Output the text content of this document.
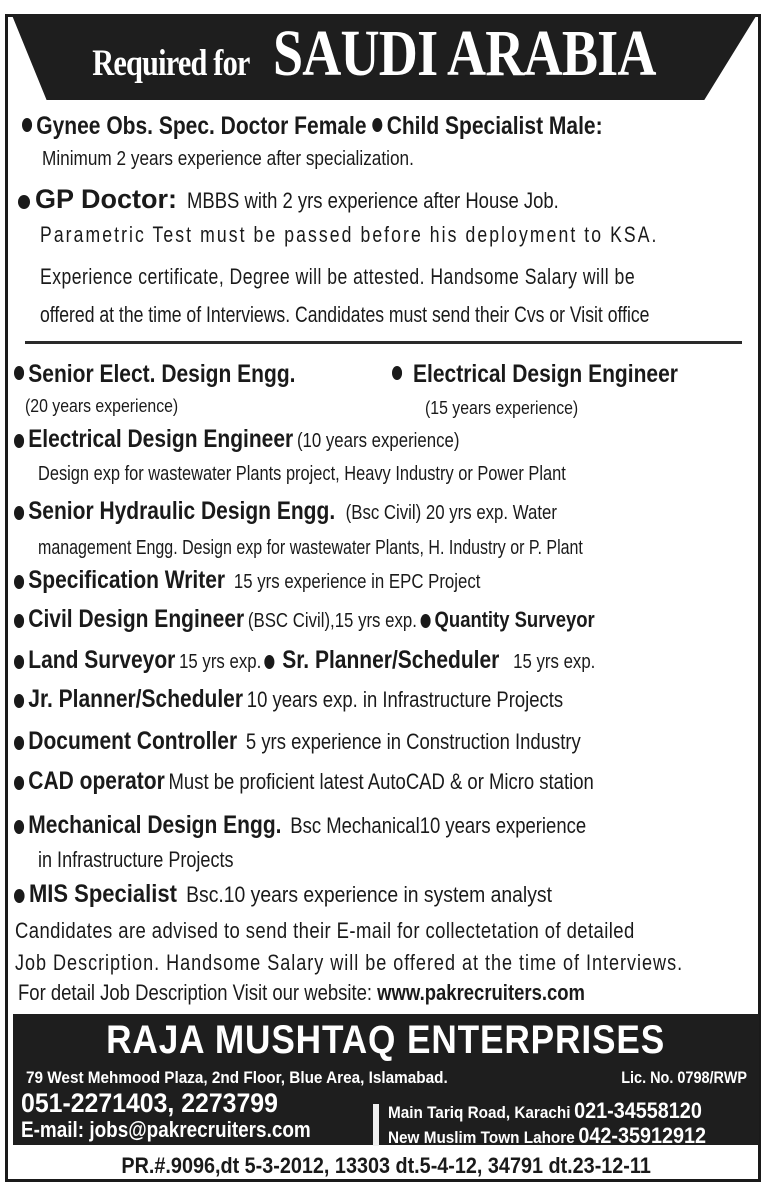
Required for SAUDI ARABIA
Gynee Obs. Spec. Doctor Female Child Specialist Male:
Minimum 2 years experience after specialization.
GP Doctor: MBBS with 2 yrs experience after House Job.
Parametric Test must be passed before his deployment to KSA.
Experience certificate, Degree will be attested. Handsome Salary will be
offered at the time of Interviews. Candidates must send their Cvs or Visit office
Senior Elect. Design Engg.
(20 years experience)
Electrical Design Engineer
(15 years experience)
Electrical Design Engineer (10 years experience)
Design exp for wastewater Plants project, Heavy Industry or Power Plant
Senior Hydraulic Design Engg. (Bsc Civil) 20 yrs exp. Water
management Engg. Design exp for wastewater Plants, H. Industry or P. Plant
Specification Writer 15 yrs experience in EPC Project
Civil Design Engineer (BSC Civil),15 yrs exp. Quantity Surveyor
Land Surveyor 15 yrs exp. Sr. Planner/Scheduler 15 yrs exp.
Jr. Planner/Scheduler 10 years exp. in Infrastructure Projects
Document Controller 5 yrs experience in Construction Industry
CAD operator Must be proficient latest AutoCAD & or Micro station
Mechanical Design Engg. Bsc Mechanical10 years experience
in Infrastructure Projects
MIS Specialist Bsc.10 years experience in system analyst
Candidates are advised to send their E-mail for collectetation of detailed
Job Description. Handsome Salary will be offered at the time of Interviews.
For detail Job Description Visit our website: www.pakrecruiters.com
RAJA MUSHTAQ ENTERPRISES
79 West Mehmood Plaza, 2nd Floor, Blue Area, Islamabad.	Lic. No. 0798/RWP
051-2271403, 2273799
E-mail: jobs@pakrecruiters.com
Main Tariq Road, Karachi 021-34558120
New Muslim Town Lahore 042-35912912
PR.#.9096,dt 5-3-2012, 13303 dt.5-4-12, 34791 dt.23-12-11
